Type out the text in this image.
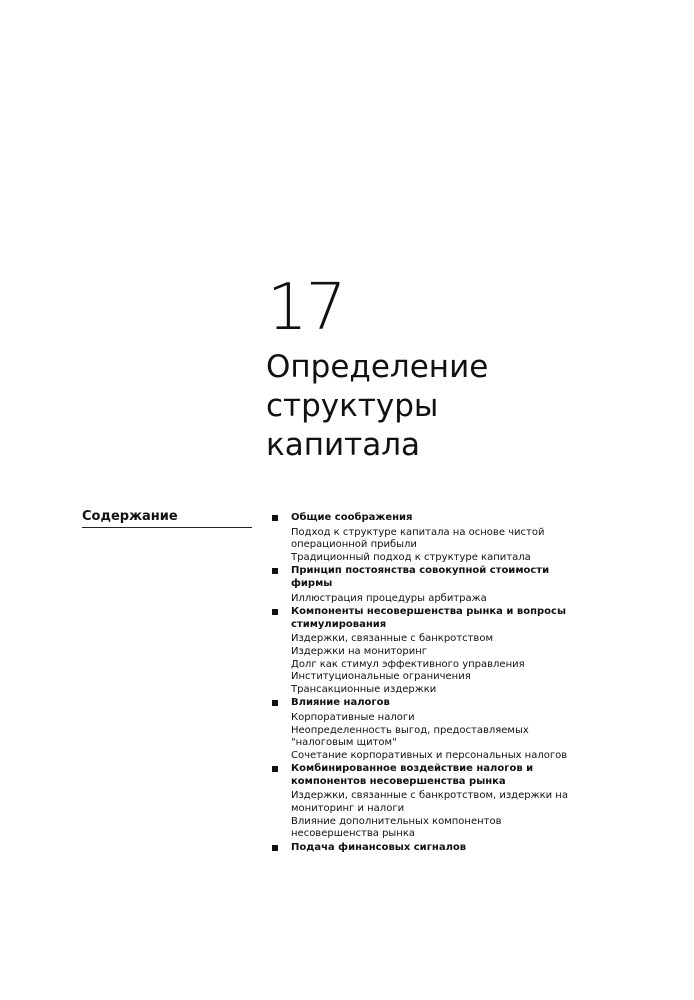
17
Определение
структуры
капитала
Содержание	Общие соображения

Подход к структуре капитала на основе чистой операционной прибыли

Традиционный подход к структуре капитала

Принцип постоянства совокупной стоимости фирмы

Иллюстрация процедуры арбитража

Компоненты несовершенства рынка и вопросы стимулирования

Издержки, связанные с банкротством

Издержки на мониторинг

Долг как стимул эффективного управления

Институциональные ограничения

Трансакционные издержки

Влияние налогов

Корпоративные налоги

Неопределенность выгод, предоставляемых "налоговым щитом"

Сочетание корпоративных и персональных налогов

Комбинированное воздействие налогов и компонентов несовершенства рынка

Издержки, связанные с банкротством, издержки на мониторинг и налоги

Влияние дополнительных компонентов несовершенства рынка

Подача финансовых сигналов
